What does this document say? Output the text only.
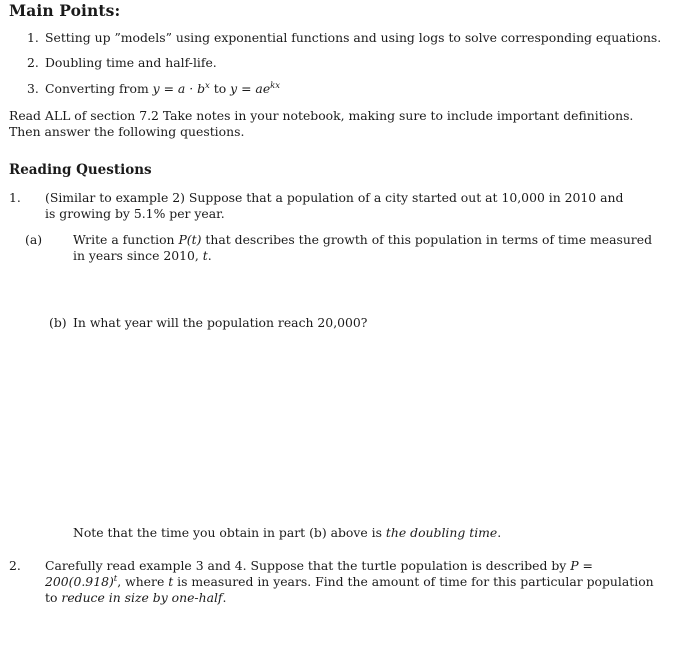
Main Points:
1. Setting up ”models” using exponential functions and using logs to solve corresponding equations.
2. Doubling time and half-life.
3. Converting from $y = a \cdot b^x$ to $y = ae^{kx}$
Read ALL of section 7.2 Take notes in your notebook, making sure to include important definitions. Then answer the following questions.
Reading Questions
1. (Similar to example 2) Suppose that a population of a city started out at 10,000 in 2010 and is growing by 5.1% per year.
(a) Write a function P(t) that describes the growth of this population in terms of time measured in years since 2010, t.
(b) In what year will the population reach 20,000?
Note that the time you obtain in part (b) above is the doubling time.
2. Carefully read example 3 and 4. Suppose that the turtle population is described by $P = 200(0.918)^t$, where t is measured in years. Find the amount of time for this particular population to reduce in size by one-half.
